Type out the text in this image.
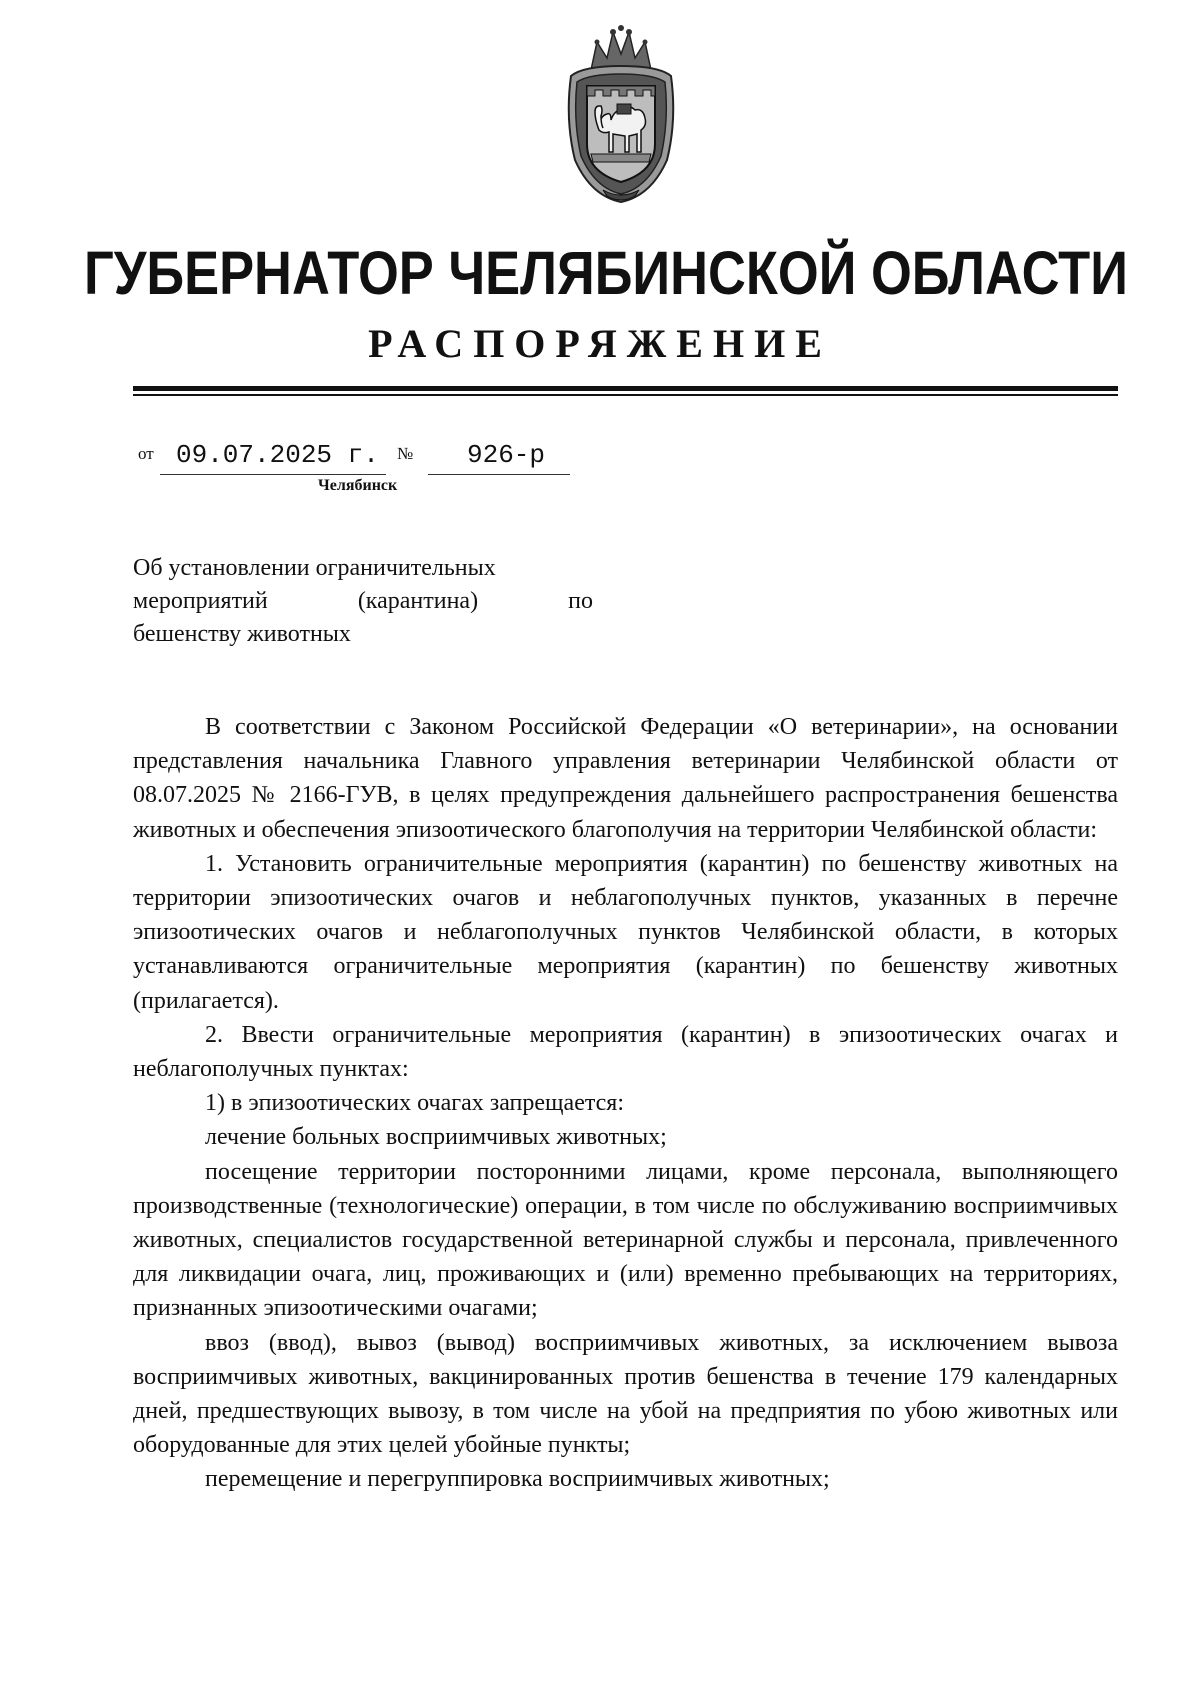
ГУБЕРНАТОР ЧЕЛЯБИНСКОЙ ОБЛАСТИ
РАСПОРЯЖЕНИЕ
от 09.07.2025 г. № 926-р
Челябинск
Об установлении ограничительных
мероприятий	(карантина)	по
бешенству животных

В соответствии с Законом Российской Федерации «О ветеринарии», на основании представления начальника Главного управления ветеринарии Челябинской области от 08.07.2025 № 2166-ГУВ, в целях предупреждения дальнейшего распространения бешенства животных и обеспечения эпизоотического благополучия на территории Челябинской области:

1. Установить ограничительные мероприятия (карантин) по бешенству животных на территории эпизоотических очагов и неблагополучных пунктов, указанных в перечне эпизоотических очагов и неблагополучных пунктов Челябинской области, в которых устанавливаются ограничительные мероприятия (карантин) по бешенству животных (прилагается).

2. Ввести ограничительные мероприятия (карантин) в эпизоотических очагах и неблагополучных пунктах:

1) в эпизоотических очагах запрещается:

лечение больных восприимчивых животных;

посещение территории посторонними лицами, кроме персонала, выполняющего производственные (технологические) операции, в том числе по обслуживанию восприимчивых животных, специалистов государственной ветеринарной службы и персонала, привлеченного для ликвидации очага, лиц, проживающих и (или) временно пребывающих на территориях, признанных эпизоотическими очагами;

ввоз (ввод), вывоз (вывод) восприимчивых животных, за исключением вывоза восприимчивых животных, вакцинированных против бешенства в течение 179 календарных дней, предшествующих вывозу, в том числе на убой на предприятия по убою животных или оборудованные для этих целей убойные пункты;

перемещение и перегруппировка восприимчивых животных;
